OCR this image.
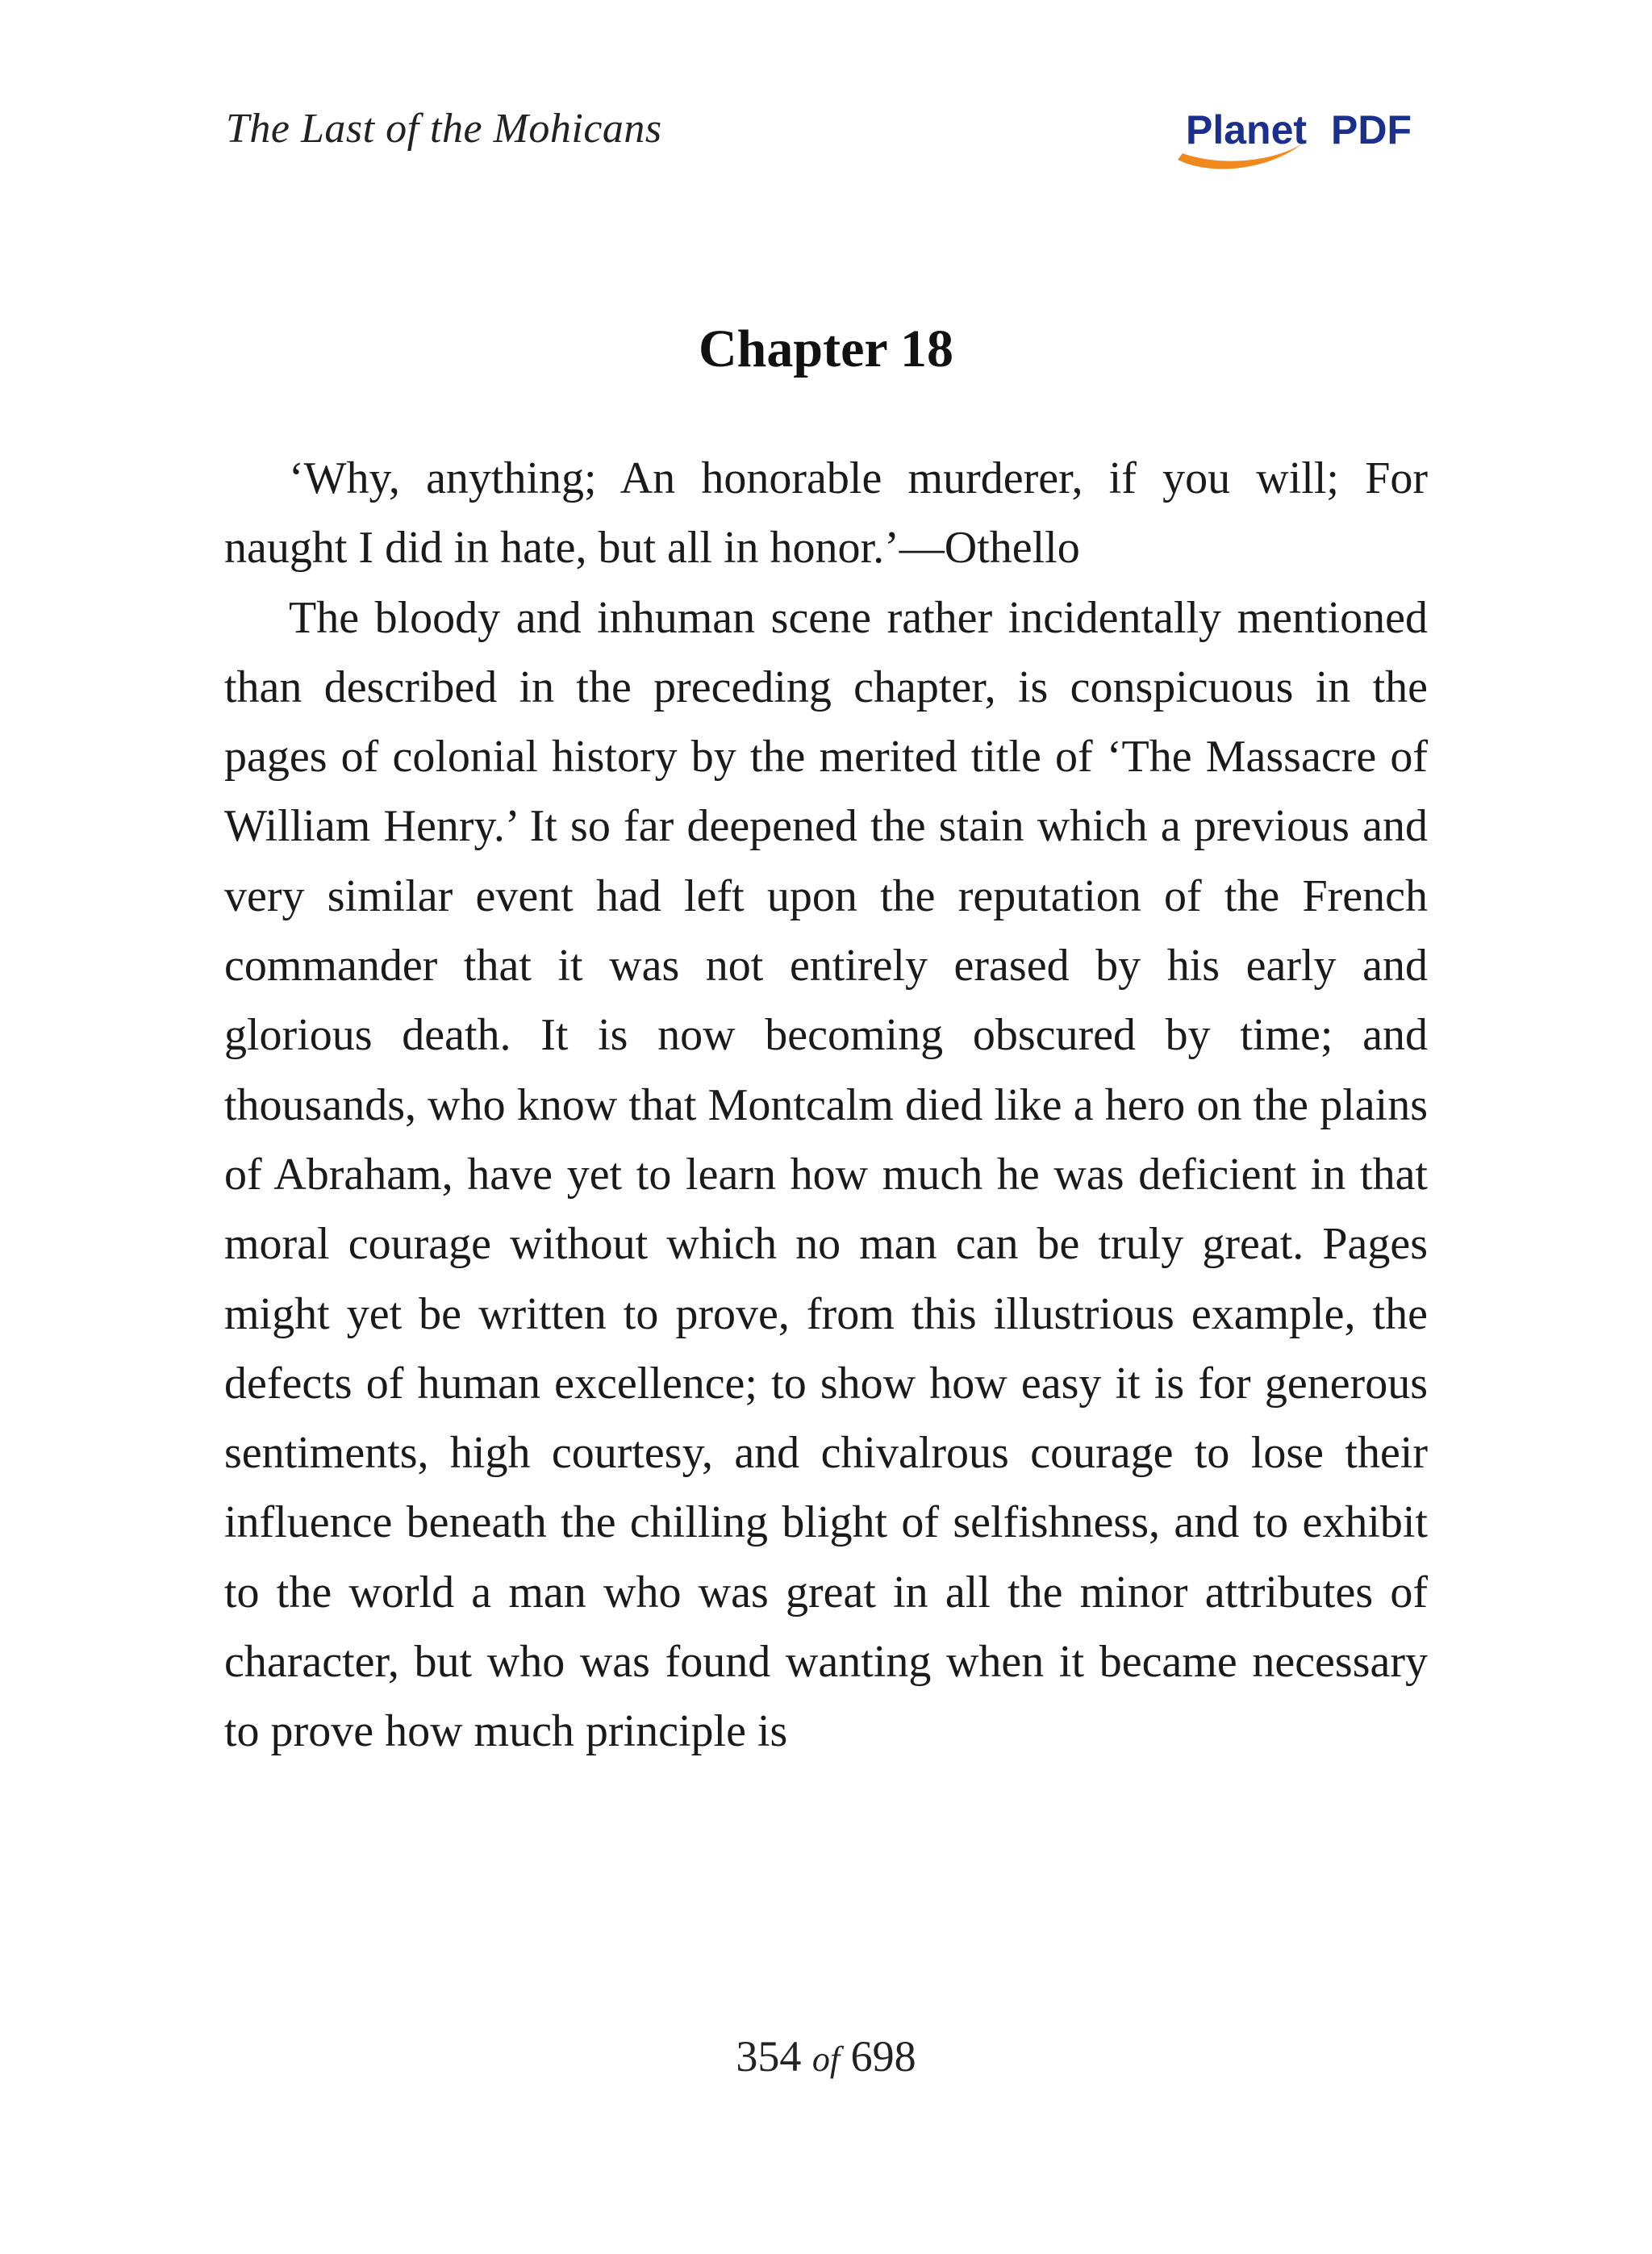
The Last of the Mohicans	Planet PDF
Chapter 18

‘Why, anything; An honorable murderer, if you will; For naught I did in hate, but all in honor.’—Othello

The bloody and inhuman scene rather incidentally mentioned than described in the preceding chapter, is conspicuous in the pages of colonial history by the merited title of ‘The Massacre of William Henry.’ It so far deepened the stain which a previous and very similar event had left upon the reputation of the French commander that it was not entirely erased by his early and glorious death. It is now becoming obscured by time; and thousands, who know that Montcalm died like a hero on the plains of Abraham, have yet to learn how much he was deficient in that moral courage without which no man can be truly great. Pages might yet be written to prove, from this illustrious example, the defects of human excellence; to show how easy it is for generous sentiments, high courtesy, and chivalrous courage to lose their influence beneath the chilling blight of selfishness, and to exhibit to the world a man who was great in all the minor attributes of character, but who was found wanting when it became necessary to prove how much principle is

354 of 698
